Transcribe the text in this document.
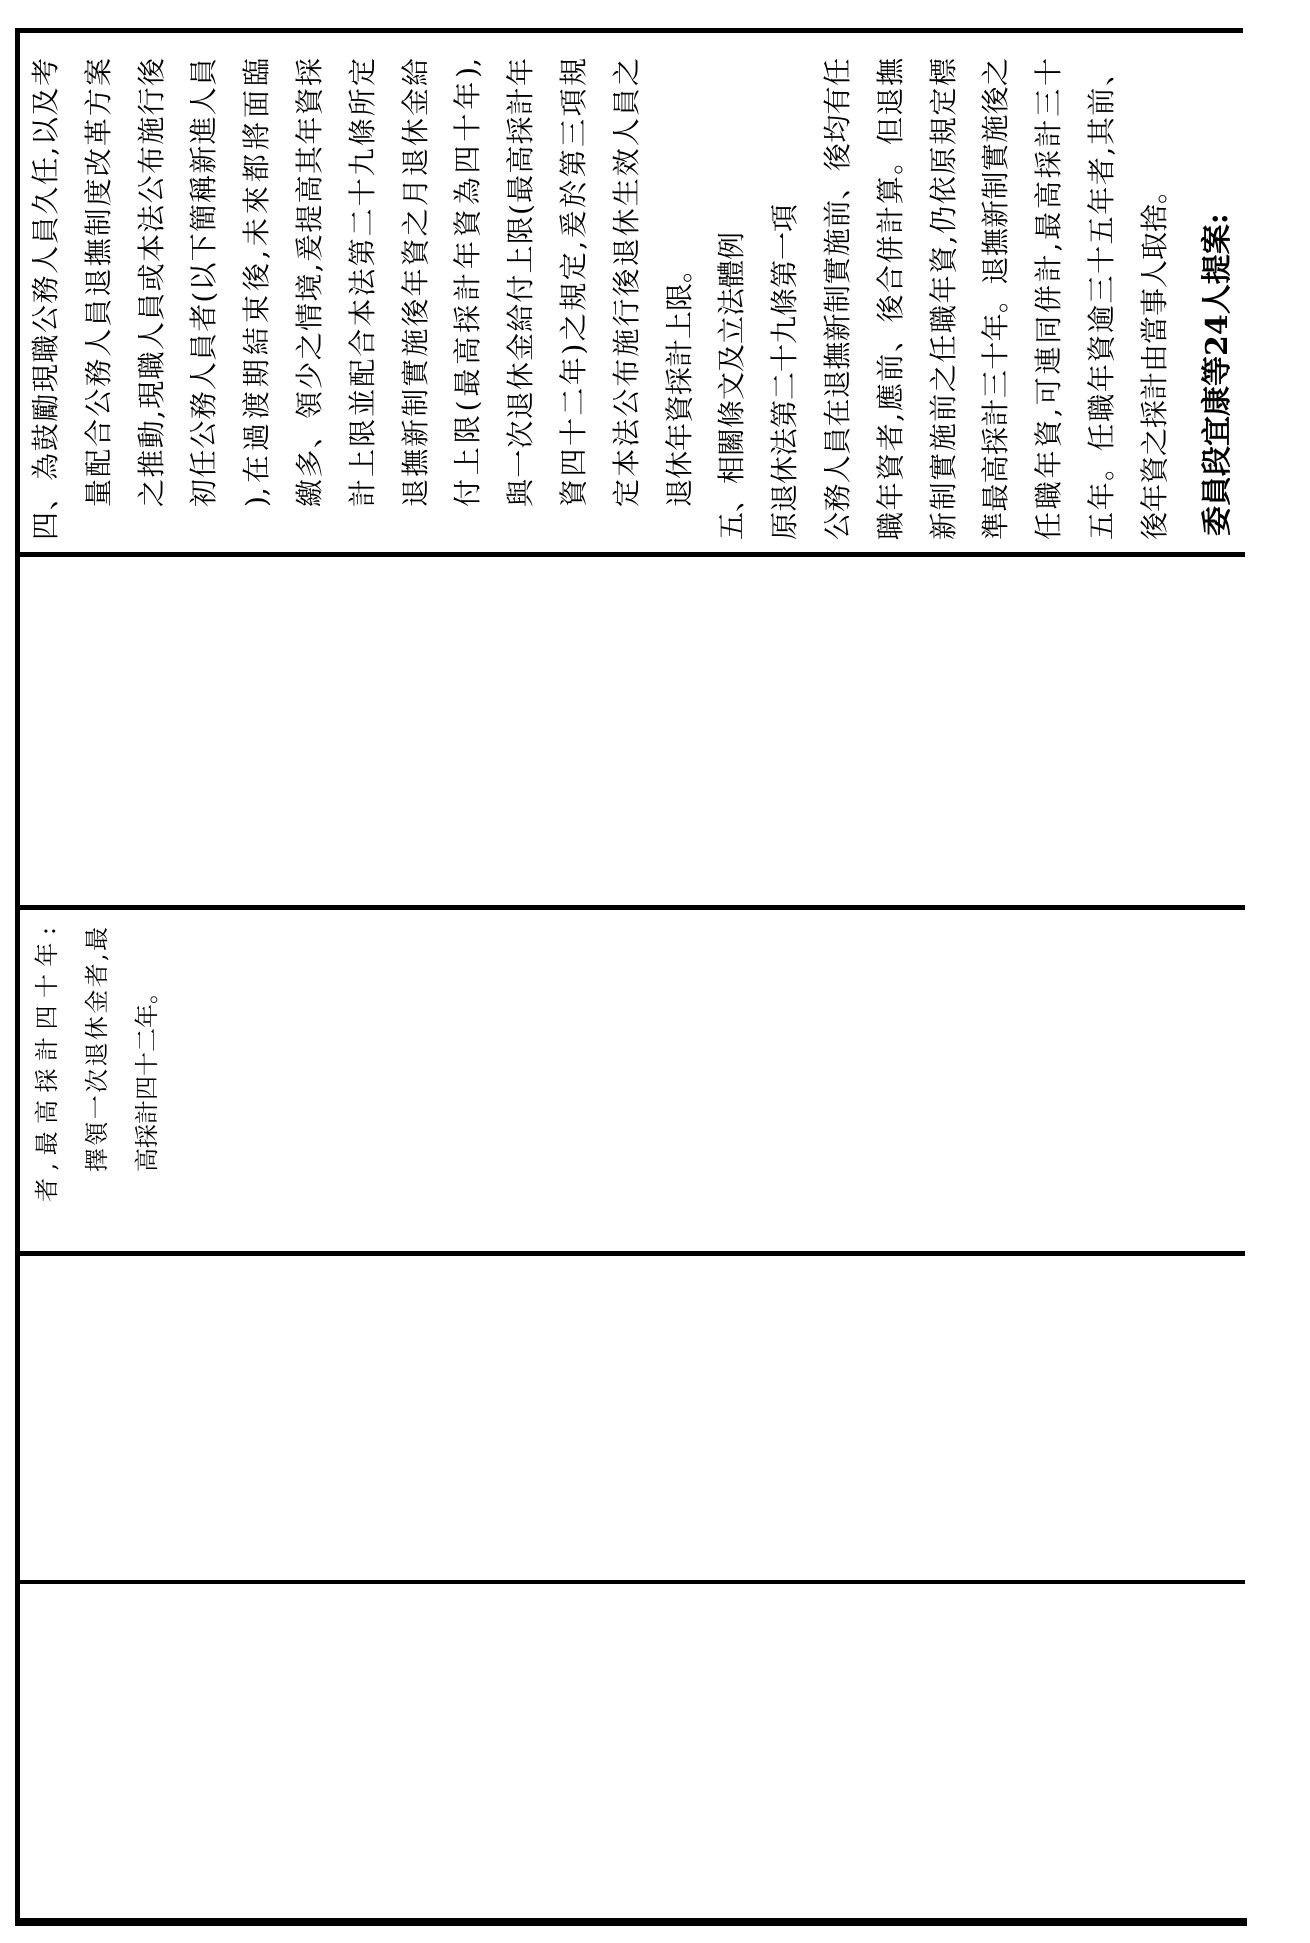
四、為鼓勵現職公務人員久任,以及考 量配合公務人員退撫制度改革方案 之推動,現職人員或本法公布施行後 初任公務人員者(以下簡稱新進人員 ),在過渡期結束後,未來都將面臨 繳多、領少之情境,爰提高其年資採 計上限並配合本法第二十九條所定 退撫新制實施後年資之月退休金給 付上限(最高採計年資為四十年), 與一次退休金給付上限(最高採計年 資四十二年)之規定,爰於第三項規 定本法公布施行後退休生效人員之 退休年資採計上限。 五、相關條文及立法體例 原退休法第二十九條第一項 公務人員在退撫新制實施前、後均有任 職年資者,應前、後合併計算。但退撫 新制實施前之任職年資,仍依原規定標 準最高採計三十年。退撫新制實施後之 任職年資,可連同併計,最高採計三十 五年。任職年資逾三十五年者,其前、 後年資之採計由當事人取捨。 委員段宜康等24人提案:
者,最高採計四十年: 擇領一次退休金者,最 高採計四十二年。
